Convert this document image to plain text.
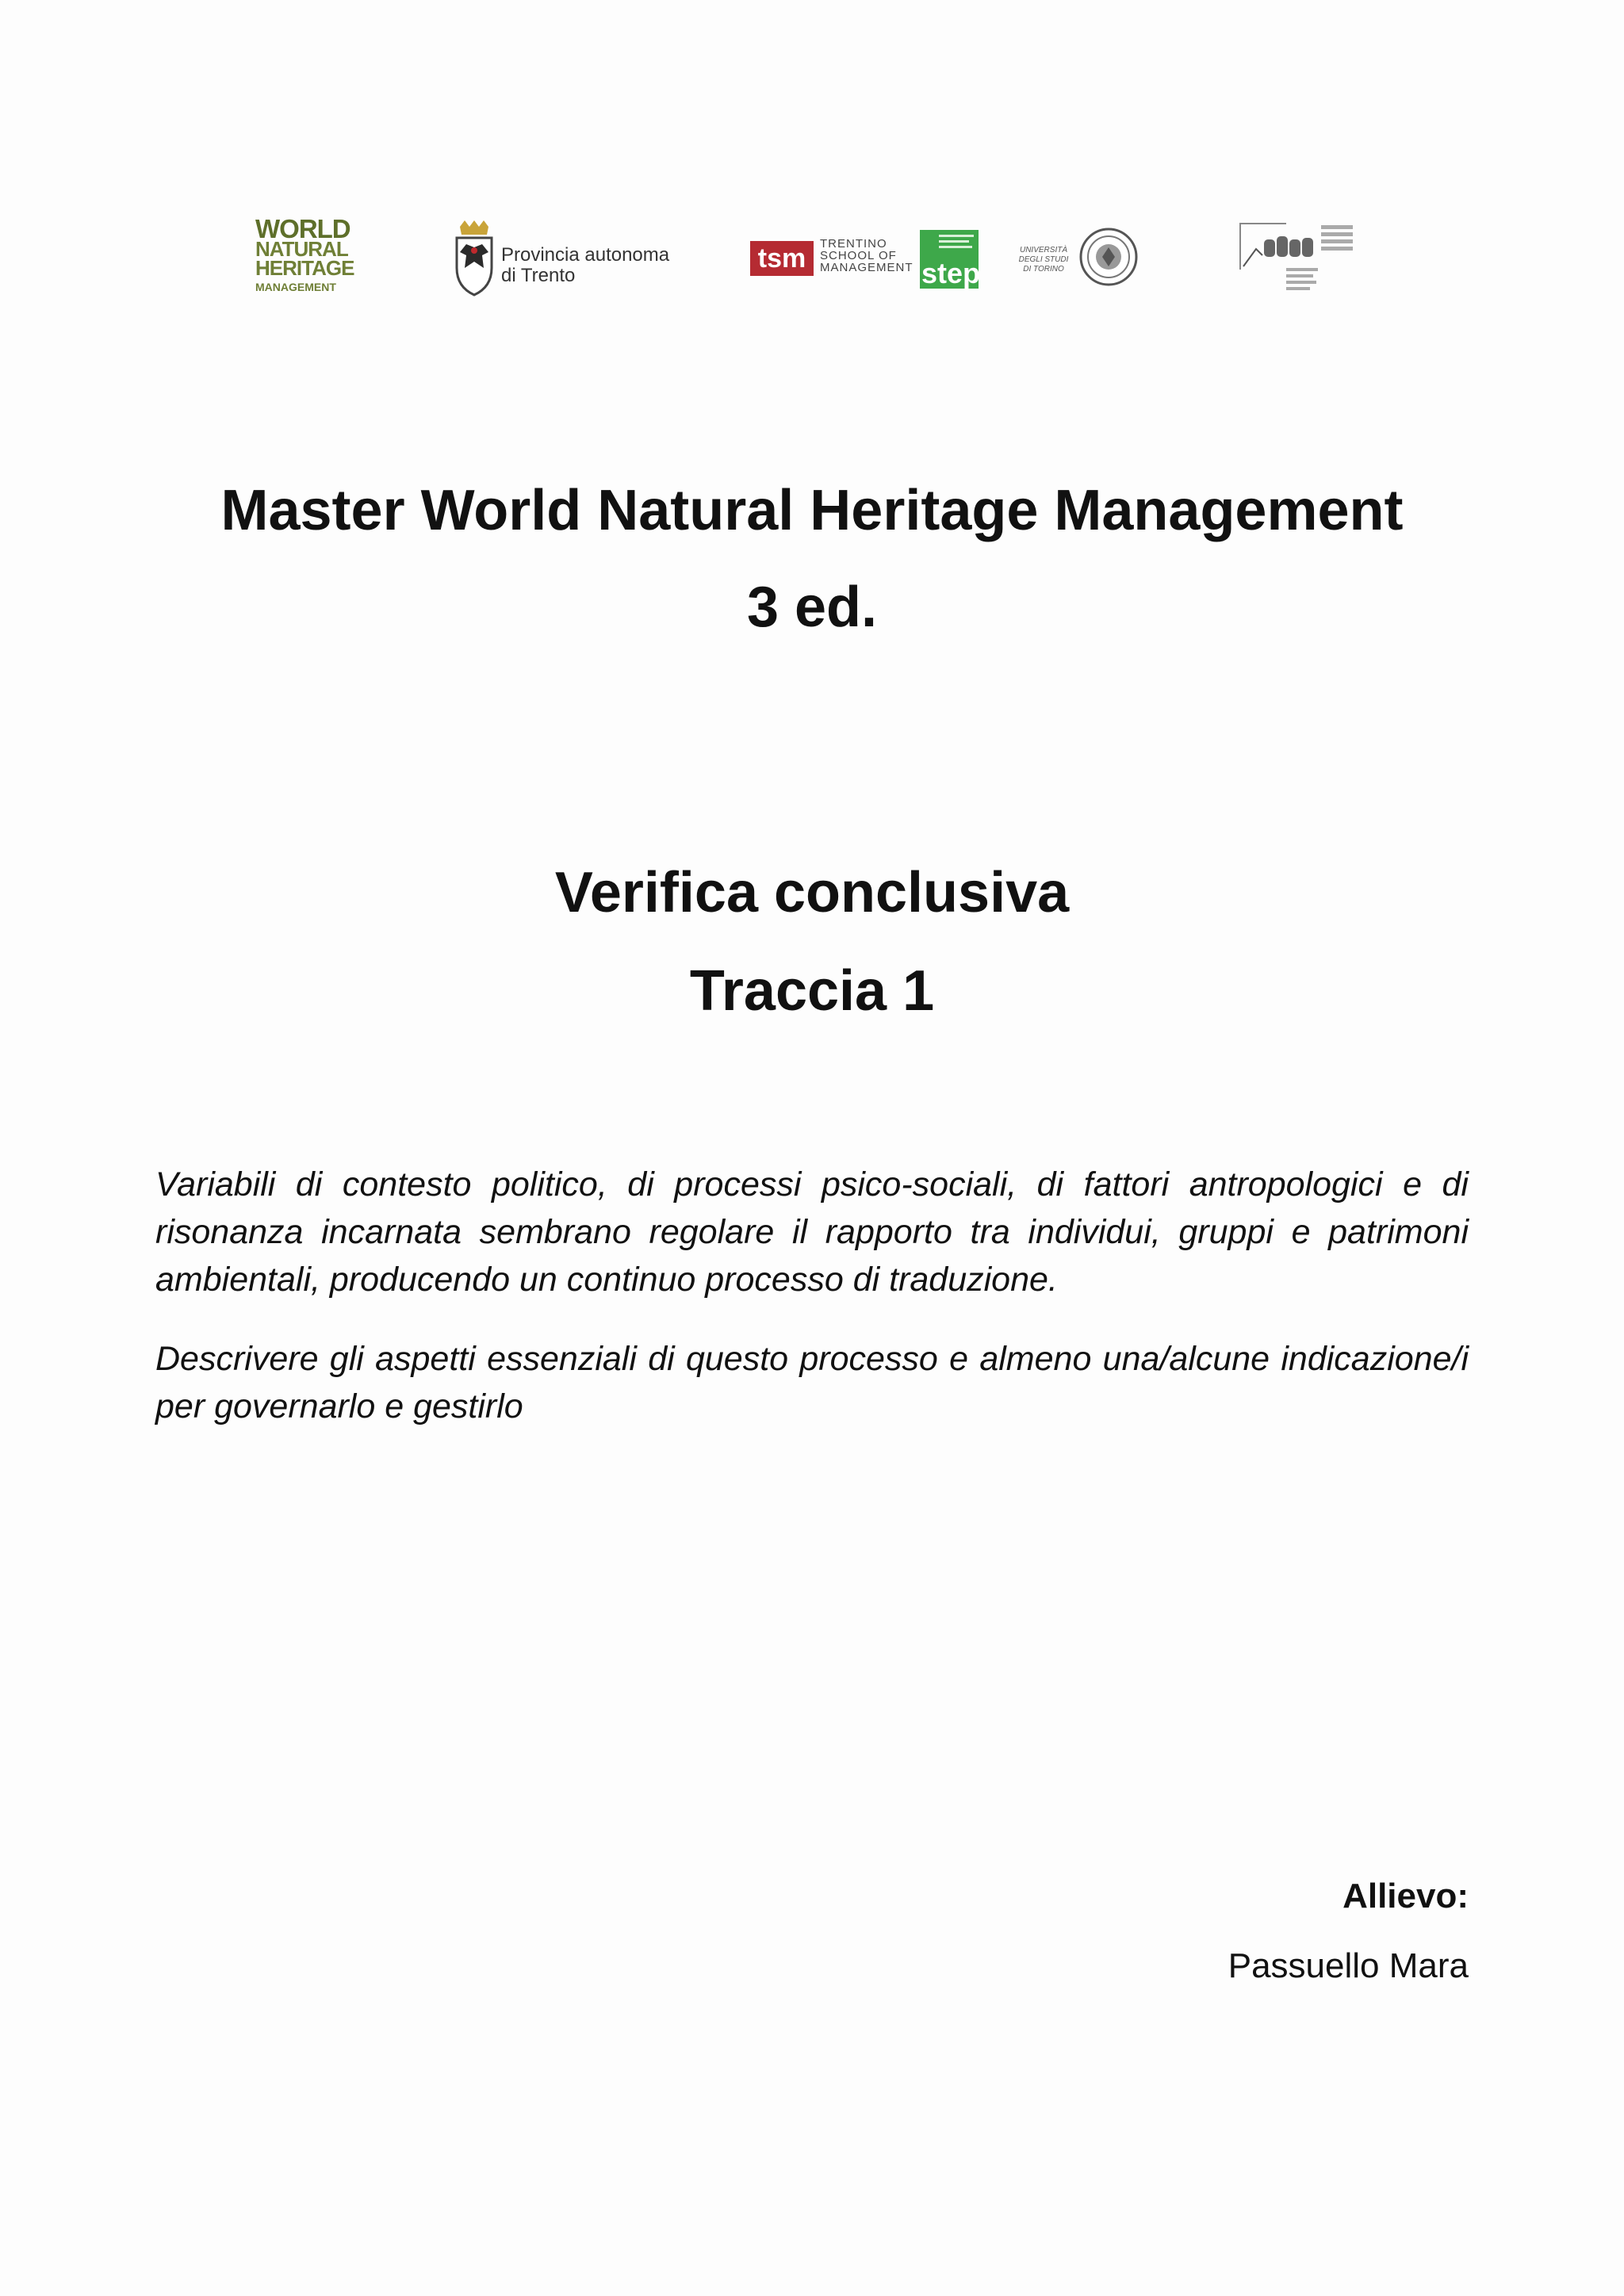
WORLD
NATURAL
HERITAGE
MANAGEMENT
Provincia autonoma
di Trento
tsm	TRENTINO
SCHOOL OF
MANAGEMENT step
UNIVERSITÀ
DEGLI STUDI
DI TORINO
Master World Natural Heritage Management
3 ed.
Verifica conclusiva
Traccia 1
Variabili di contesto politico, di processi psico-sociali, di fattori antropologici e di risonanza incarnata sembrano regolare il rapporto tra individui, gruppi e patrimoni ambientali, producendo un continuo processo di traduzione.
Descrivere gli aspetti essenziali di questo processo e almeno una/alcune indicazione/i per governarlo e gestirlo
Allievo:
Passuello Mara
